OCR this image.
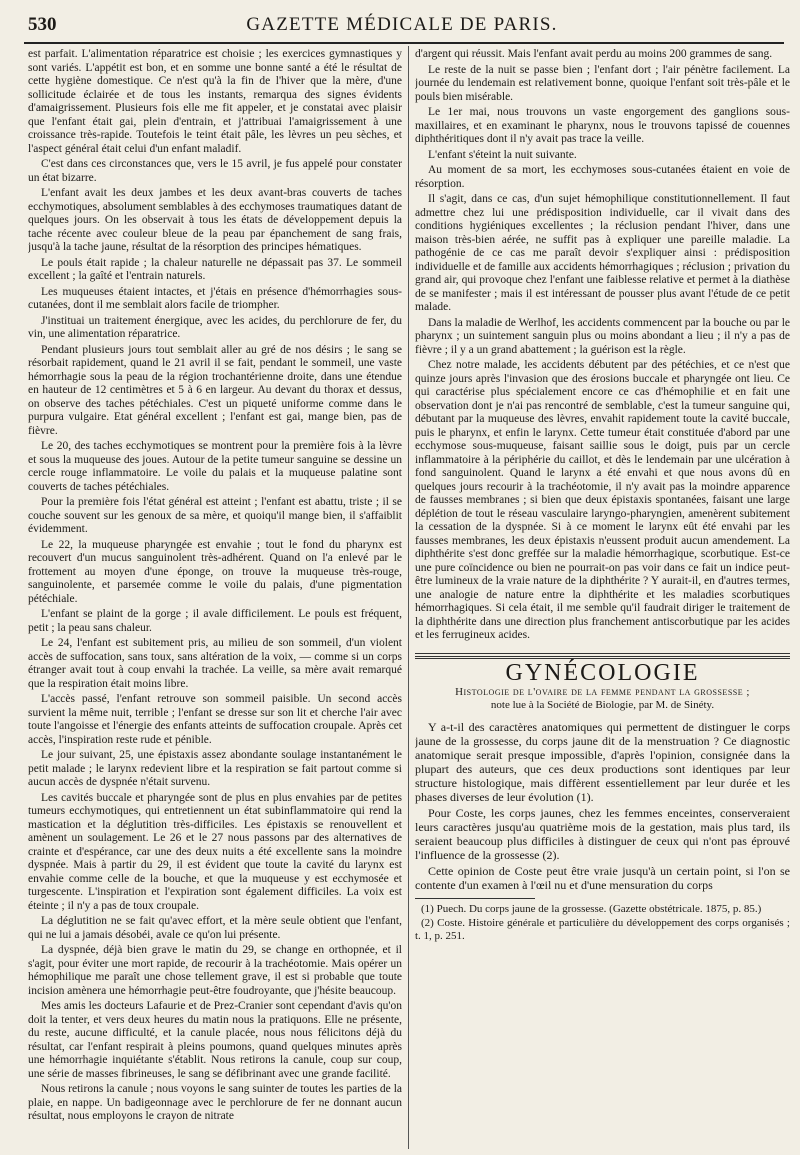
530	GAZETTE MÉDICALE DE PARIS.

est parfait. L'alimentation réparatrice est choisie ; les exercices gymnastiques y sont variés. L'appétit est bon, et en somme une bonne santé a été le résultat de cette hygiène domestique. Ce n'est qu'à la fin de l'hiver que la mère, d'une sollicitude éclairée et de tous les instants, remarqua des signes évidents d'amaigrissement. Plusieurs fois elle me fit appeler, et je constatai avec plaisir que l'enfant était gai, plein d'entrain, et j'attribuai l'amaigrissement à une croissance très-rapide. Toutefois le teint était pâle, les lèvres un peu sèches, et l'aspect général était celui d'un enfant maladif.

C'est dans ces circonstances que, vers le 15 avril, je fus appelé pour constater un état bizarre.

L'enfant avait les deux jambes et les deux avant-bras couverts de taches ecchymotiques, absolument semblables à des ecchymoses traumatiques datant de quelques jours. On les observait à tous les états de développement depuis la tache récente avec couleur bleue de la peau par épanchement de sang frais, jusqu'à la tache jaune, résultat de la résorption des principes hématiques.

Le pouls était rapide ; la chaleur naturelle ne dépassait pas 37. Le sommeil excellent ; la gaîté et l'entrain naturels.

Les muqueuses étaient intactes, et j'étais en présence d'hémorrhagies sous-cutanées, dont il me semblait alors facile de triompher.

J'instituai un traitement énergique, avec les acides, du perchlorure de fer, du vin, une alimentation réparatrice.

Pendant plusieurs jours tout semblait aller au gré de nos désirs ; le sang se résorbait rapidement, quand le 21 avril il se fait, pendant le sommeil, une vaste hémorrhagie sous la peau de la région trochantérienne droite, dans une étendue en hauteur de 12 centimètres et 5 à 6 en largeur. Au devant du thorax et dessus, on observe des taches pétéchiales. C'est un piqueté uniforme comme dans le purpura vulgaire. Etat général excellent ; l'enfant est gai, mange bien, pas de fièvre.

Le 20, des taches ecchymotiques se montrent pour la première fois à la lèvre et sous la muqueuse des joues. Autour de la petite tumeur sanguine se dessine un cercle rouge inflammatoire. Le voile du palais et la muqueuse palatine sont couverts de taches pétéchiales.

Pour la première fois l'état général est atteint ; l'enfant est abattu, triste ; il se couche souvent sur les genoux de sa mère, et quoiqu'il mange bien, il s'affaiblit évidemment.

Le 22, la muqueuse pharyngée est envahie ; tout le fond du pharynx est recouvert d'un mucus sanguinolent très-adhérent. Quand on l'a enlevé par le frottement au moyen d'une éponge, on trouve la muqueuse très-rouge, sanguinolente, et parsemée comme le voile du palais, d'une pigmentation pétéchiale.

L'enfant se plaint de la gorge ; il avale difficilement. Le pouls est fréquent, petit ; la peau sans chaleur.

Le 24, l'enfant est subitement pris, au milieu de son sommeil, d'un violent accès de suffocation, sans toux, sans altération de la voix, — comme si un corps étranger avait tout à coup envahi la trachée. La veille, sa mère avait remarqué que la respiration était moins libre.

L'accès passé, l'enfant retrouve son sommeil paisible. Un second accès survient la même nuit, terrible ; l'enfant se dresse sur son lit et cherche l'air avec toute l'angoisse et l'énergie des enfants atteints de suffocation croupale. Après cet accès, l'inspiration reste rude et pénible.

Le jour suivant, 25, une épistaxis assez abondante soulage instantanément le petit malade ; le larynx redevient libre et la respiration se fait partout comme si aucun accès de dyspnée n'était survenu.

Les cavités buccale et pharyngée sont de plus en plus envahies par de petites tumeurs ecchymotiques, qui entretiennent un état subinflammatoire qui rend la mastication et la déglutition très-difficiles. Les épistaxis se renouvellent et amènent un soulagement. Le 26 et le 27 nous passons par des alternatives de crainte et d'espérance, car une des deux nuits a été excellente sans la moindre dyspnée. Mais à partir du 29, il est évident que toute la cavité du larynx est envahie comme celle de la bouche, et que la muqueuse y est ecchymosée et turgescente. L'inspiration et l'expiration sont également difficiles. La voix est éteinte ; il n'y a pas de toux croupale.

La déglutition ne se fait qu'avec effort, et la mère seule obtient que l'enfant, qui ne lui a jamais désobéi, avale ce qu'on lui présente.

La dyspnée, déjà bien grave le matin du 29, se change en orthopnée, et il s'agit, pour éviter une mort rapide, de recourir à la trachéotomie. Mais opérer un hémophilique me paraît une chose tellement grave, il est si probable que toute incision amènera une hémorrhagie peut-être foudroyante, que j'hésite beaucoup.

Mes amis les docteurs Lafaurie et de Prez-Cranier sont cependant d'avis qu'on doit la tenter, et vers deux heures du matin nous la pratiquons. Elle ne présente, du reste, aucune difficulté, et la canule placée, nous nous félicitons déjà du résultat, car l'enfant respirait à pleins poumons, quand quelques minutes après une hémorrhagie inquiétante s'établit. Nous retirons la canule, coup sur coup, une série de masses fibrineuses, le sang se défibrinant avec une grande facilité.

Nous retirons la canule ; nous voyons le sang suinter de toutes les parties de la plaie, en nappe. Un badigeonnage avec le perchlorure de fer ne donnant aucun résultat, nous employons le crayon de nitrate

d'argent qui réussit. Mais l'enfant avait perdu au moins 200 grammes de sang.

Le reste de la nuit se passe bien ; l'enfant dort ; l'air pénètre facilement. La journée du lendemain est relativement bonne, quoique l'enfant soit très-pâle et le pouls bien misérable.

Le 1er mai, nous trouvons un vaste engorgement des ganglions sous-maxillaires, et en examinant le pharynx, nous le trouvons tapissé de couennes diphthéritiques dont il n'y avait pas trace la veille.

L'enfant s'éteint la nuit suivante.

Au moment de sa mort, les ecchymoses sous-cutanées étaient en voie de résorption.

Il s'agit, dans ce cas, d'un sujet hémophilique constitutionnellement. Il faut admettre chez lui une prédisposition individuelle, car il vivait dans des conditions hygiéniques excellentes ; la réclusion pendant l'hiver, dans une maison très-bien aérée, ne suffit pas à expliquer une pareille maladie. La pathogénie de ce cas me paraît devoir s'expliquer ainsi : prédisposition individuelle et de famille aux accidents hémorrhagiques ; réclusion ; privation du grand air, qui provoque chez l'enfant une faiblesse relative et permet à la diathèse de se manifester ; mais il est intéressant de pousser plus avant l'étude de ce petit malade.

Dans la maladie de Werlhof, les accidents commencent par la bouche ou par le pharynx ; un suintement sanguin plus ou moins abondant a lieu ; il n'y a pas de fièvre ; il y a un grand abattement ; la guérison est la règle.

Chez notre malade, les accidents débutent par des pétéchies, et ce n'est que quinze jours après l'invasion que des érosions buccale et pharyngée ont lieu. Ce qui caractérise plus spécialement encore ce cas d'hémophilie et en fait une observation dont je n'ai pas rencontré de semblable, c'est la tumeur sanguine qui, débutant par la muqueuse des lèvres, envahit rapidement toute la cavité buccale, puis le pharynx, et enfin le larynx. Cette tumeur était constituée d'abord par une ecchymose sous-muqueuse, faisant saillie sous le doigt, puis par un cercle inflammatoire à la périphérie du caillot, et dès le lendemain par une ulcération à fond sanguinolent. Quand le larynx a été envahi et que nous avons dû en quelques jours recourir à la trachéotomie, il n'y avait pas la moindre apparence de fausses membranes ; si bien que deux épistaxis spontanées, faisant une large déplétion de tout le réseau vasculaire laryngo-pharyngien, amenèrent subitement la cessation de la dyspnée. Si à ce moment le larynx eût été envahi par les fausses membranes, les deux épistaxis n'eussent produit aucun amendement. La diphthérite s'est donc greffée sur la maladie hémorrhagique, scorbutique. Est-ce une pure coïncidence ou bien ne pourrait-on pas voir dans ce fait un indice peut-être lumineux de la vraie nature de la diphthérite ? Y aurait-il, en d'autres termes, une analogie de nature entre la diphthérite et les maladies scorbutiques hémorrhagiques. Si cela était, il me semble qu'il faudrait diriger le traitement de la diphthérite dans une direction plus franchement antiscorbutique par les acides et les ferrugineux acides.

GYNÉCOLOGIE
Histologie de l'ovaire de la femme pendant la grossesse ;
note lue à la Société de Biologie, par M. de Sinéty.

Y a-t-il des caractères anatomiques qui permettent de distinguer le corps jaune de la grossesse, du corps jaune dit de la menstruation ? Ce diagnostic anatomique serait presque impossible, d'après l'opinion, consignée dans la plupart des auteurs, que ces deux productions sont identiques par leur structure histologique, mais diffèrent essentiellement par leur durée et les phases diverses de leur évolution (1).

Pour Coste, les corps jaunes, chez les femmes enceintes, conserveraient leurs caractères jusqu'au quatrième mois de la gestation, mais plus tard, ils seraient beaucoup plus difficiles à distinguer de ceux qui n'ont pas éprouvé l'influence de la grossesse (2).

Cette opinion de Coste peut être vraie jusqu'à un certain point, si l'on se contente d'un examen à l'œil nu et d'une mensuration du corps

(1) Puech. Du corps jaune de la grossesse. (Gazette obstétricale. 1875, p. 85.)

(2) Coste. Histoire générale et particulière du développement des corps organisés ; t. 1, p. 251.
